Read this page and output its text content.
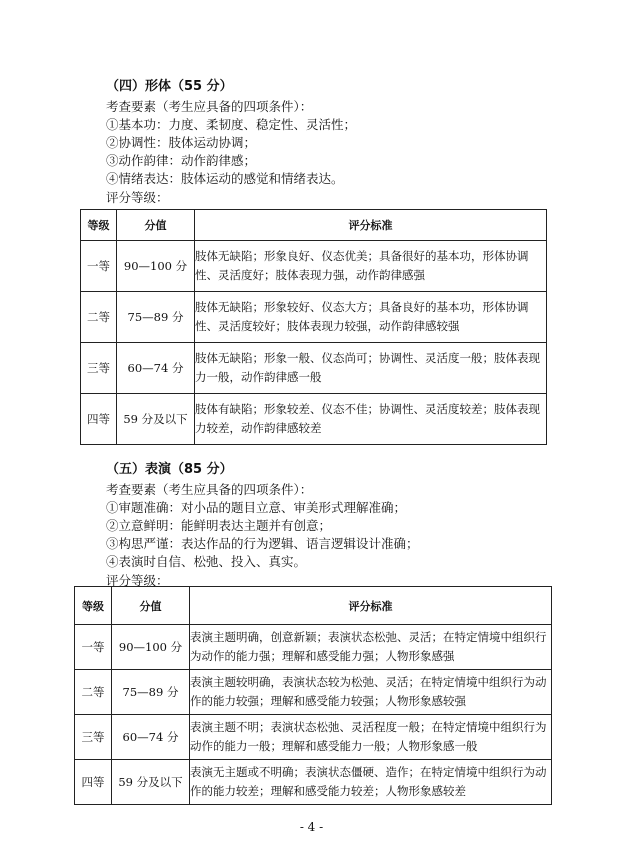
（四）形体（55 分）
考查要素（考生应具备的四项条件）：
①基本功：力度、柔韧度、稳定性、灵活性；
②协调性：肢体运动协调；
③动作韵律：动作韵律感；
④情绪表达：肢体运动的感觉和情绪表达。
评分等级：
等级	分值	评分标准
一等	90—100 分	肢体无缺陷；形象良好、仪态优美；具备很好的基本功，形体协调性、灵活度好；肢体表现力强，动作韵律感强
二等	75—89 分	肢体无缺陷；形象较好、仪态大方；具备良好的基本功，形体协调性、灵活度较好；肢体表现力较强，动作韵律感较强
三等	60—74 分	肢体无缺陷；形象一般、仪态尚可；协调性、灵活度一般；肢体表现力一般，动作韵律感一般
四等	59 分及以下	肢体有缺陷；形象较差、仪态不佳；协调性、灵活度较差；肢体表现力较差，动作韵律感较差
（五）表演（85 分）
考查要素（考生应具备的四项条件）：
①审题准确：对小品的题目立意、审美形式理解准确；
②立意鲜明：能鲜明表达主题并有创意；
③构思严谨：表达作品的行为逻辑、语言逻辑设计准确；
④表演时自信、松弛、投入、真实。
评分等级：
等级	分值	评分标准
一等	90—100 分	表演主题明确，创意新颖；表演状态松弛、灵活；在特定情境中组织行为动作的能力强；理解和感受能力强；人物形象感强
二等	75—89 分	表演主题较明确，表演状态较为松弛、灵活；在特定情境中组织行为动作的能力较强；理解和感受能力较强；人物形象感较强
三等	60—74 分	表演主题不明；表演状态松弛、灵活程度一般；在特定情境中组织行为动作的能力一般；理解和感受能力一般；人物形象感一般
四等	59 分及以下	表演无主题或不明确；表演状态僵硬、造作；在特定情境中组织行为动作的能力较差；理解和感受能力较差；人物形象感较差
- 4 -
